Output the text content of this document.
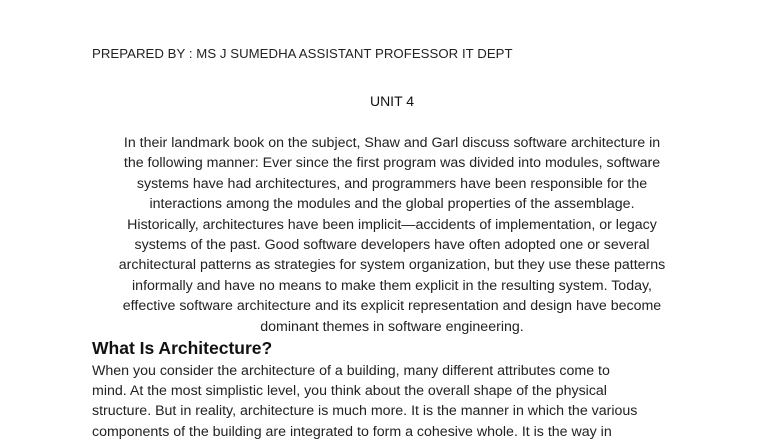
PREPARED BY : MS J SUMEDHA ASSISTANT PROFESSOR IT DEPT
UNIT 4
In their landmark book on the subject, Shaw and Garl discuss software architecture in
the following manner: Ever since the first program was divided into modules, software
systems have had architectures, and programmers have been responsible for the
interactions among the modules and the global properties of the assemblage.
Historically, architectures have been implicit—accidents of implementation, or legacy
systems of the past. Good software developers have often adopted one or several
architectural patterns as strategies for system organization, but they use these patterns
informally and have no means to make them explicit in the resulting system. Today,
effective software architecture and its explicit representation and design have become
dominant themes in software engineering.
What Is Architecture?
When you consider the architecture of a building, many different attributes come to
mind. At the most simplistic level, you think about the overall shape of the physical
structure. But in reality, architecture is much more. It is the manner in which the various
components of the building are integrated to form a cohesive whole. It is the way in
